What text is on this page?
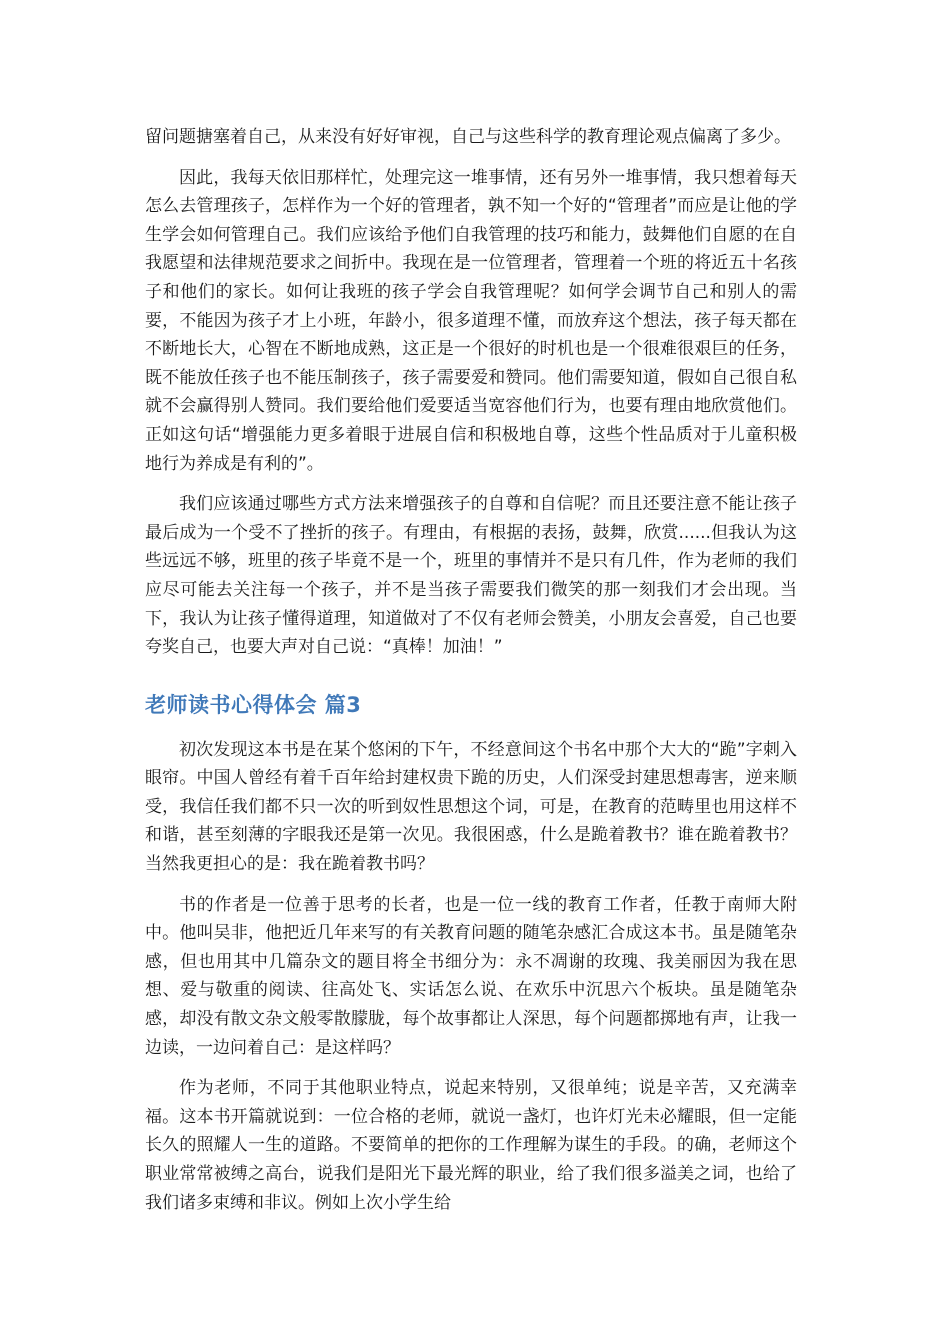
留问题搪塞着自己，从来没有好好审视，自己与这些科学的教育理论观点偏离了多少。

因此，我每天依旧那样忙，处理完这一堆事情，还有另外一堆事情，我只想着每天怎么去管理孩子，怎样作为一个好的管理者，孰不知一个好的“管理者”而应是让他的学生学会如何管理自己。我们应该给予他们自我管理的技巧和能力，鼓舞他们自愿的在自我愿望和法律规范要求之间折中。我现在是一位管理者，管理着一个班的将近五十名孩子和他们的家长。如何让我班的孩子学会自我管理呢？如何学会调节自己和别人的需要，不能因为孩子才上小班，年龄小，很多道理不懂，而放弃这个想法，孩子每天都在不断地长大，心智在不断地成熟，这正是一个很好的时机也是一个很难很艰巨的任务，既不能放任孩子也不能压制孩子，孩子需要爱和赞同。他们需要知道，假如自己很自私就不会赢得别人赞同。我们要给他们爱要适当宽容他们行为，也要有理由地欣赏他们。正如这句话“增强能力更多着眼于进展自信和积极地自尊，这些个性品质对于儿童积极地行为养成是有利的”。

我们应该通过哪些方式方法来增强孩子的自尊和自信呢？而且还要注意不能让孩子最后成为一个受不了挫折的孩子。有理由，有根据的表扬，鼓舞，欣赏......但我认为这些远远不够，班里的孩子毕竟不是一个，班里的事情并不是只有几件，作为老师的我们应尽可能去关注每一个孩子，并不是当孩子需要我们微笑的那一刻我们才会出现。当下，我认为让孩子懂得道理，知道做对了不仅有老师会赞美，小朋友会喜爱，自己也要夸奖自己，也要大声对自己说：“真棒！加油！”

老师读书心得体会 篇3

初次发现这本书是在某个悠闲的下午，不经意间这个书名中那个大大的“跪”字刺入眼帘。中国人曾经有着千百年给封建权贵下跪的历史，人们深受封建思想毒害，逆来顺受，我信任我们都不只一次的听到奴性思想这个词，可是，在教育的范畴里也用这样不和谐，甚至刻薄的字眼我还是第一次见。我很困惑，什么是跪着教书？谁在跪着教书？当然我更担心的是：我在跪着教书吗？

书的作者是一位善于思考的长者，也是一位一线的教育工作者，任教于南师大附中。他叫吴非，他把近几年来写的有关教育问题的随笔杂感汇合成这本书。虽是随笔杂感，但也用其中几篇杂文的题目将全书细分为：永不凋谢的玫瑰、我美丽因为我在思想、爱与敬重的阅读、往高处飞、实话怎么说、在欢乐中沉思六个板块。虽是随笔杂感，却没有散文杂文般零散朦胧，每个故事都让人深思，每个问题都掷地有声，让我一边读，一边问着自己：是这样吗？

作为老师，不同于其他职业特点，说起来特别，又很单纯；说是辛苦，又充满幸福。这本书开篇就说到：一位合格的老师，就说一盏灯，也许灯光未必耀眼，但一定能长久的照耀人一生的道路。不要简单的把你的工作理解为谋生的手段。的确，老师这个职业常常被缚之高台，说我们是阳光下最光辉的职业，给了我们很多溢美之词，也给了我们诸多束缚和非议。例如上次小学生给
